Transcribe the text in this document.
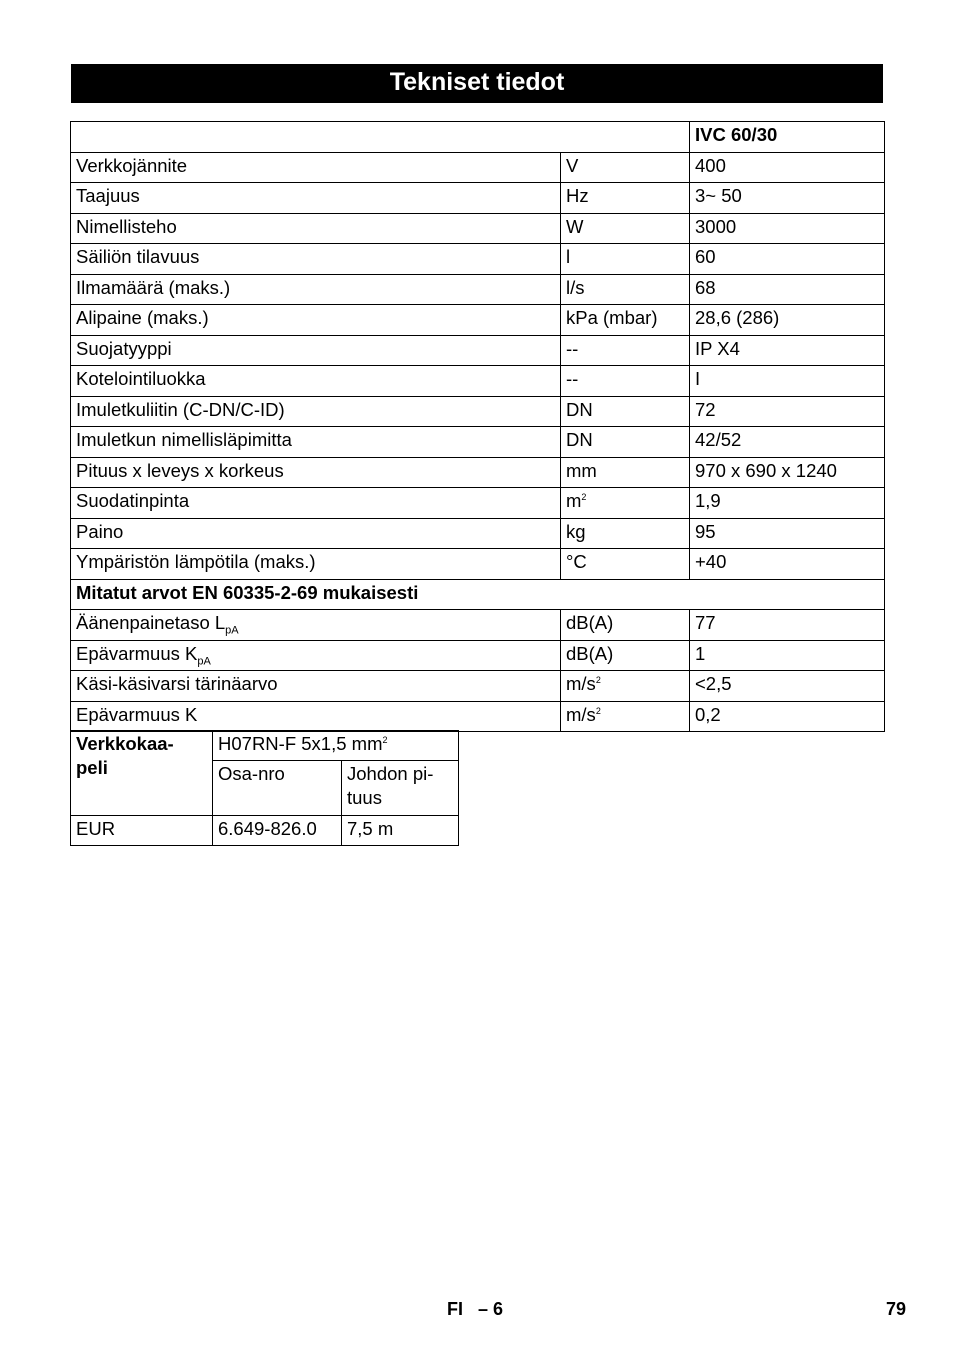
Tekniset tiedot
		IVC 60/30
Verkkojännite	V	400
Taajuus	Hz	3~ 50
Nimellisteho	W	3000
Säiliön tilavuus	l	60
Ilmamäärä (maks.)	l/s	68
Alipaine (maks.)	kPa (mbar)	28,6 (286)
Suojatyyppi	--	IP X4
Kotelointiluokka	--	I
Imuletkuliitin (C-DN/C-ID)	DN	72
Imuletkun nimellisläpimitta	DN	42/52
Pituus x leveys x korkeus	mm	970 x 690 x 1240
Suodatinpinta	$m^2$	1,9
Paino	kg	95
Ympäristön lämpötila (maks.)	°C	+40
Mitatut arvot EN 60335-2-69 mukaisesti		
Äänenpainetaso $L_{pA}$	dB(A)	77
Epävarmuus $K_{pA}$	dB(A)	1
Käsi-käsivarsi tärinäarvo	$m/s^2$	<2,5
Epävarmuus K	$m/s^2$	0,2
Verkkokaa-
peli	H07RN-F 5x1,5 $mm^2$
	Osa-nro	Johdon pi-
tuus
EUR	6.649-826.0	7,5 m
FI – 6	79
